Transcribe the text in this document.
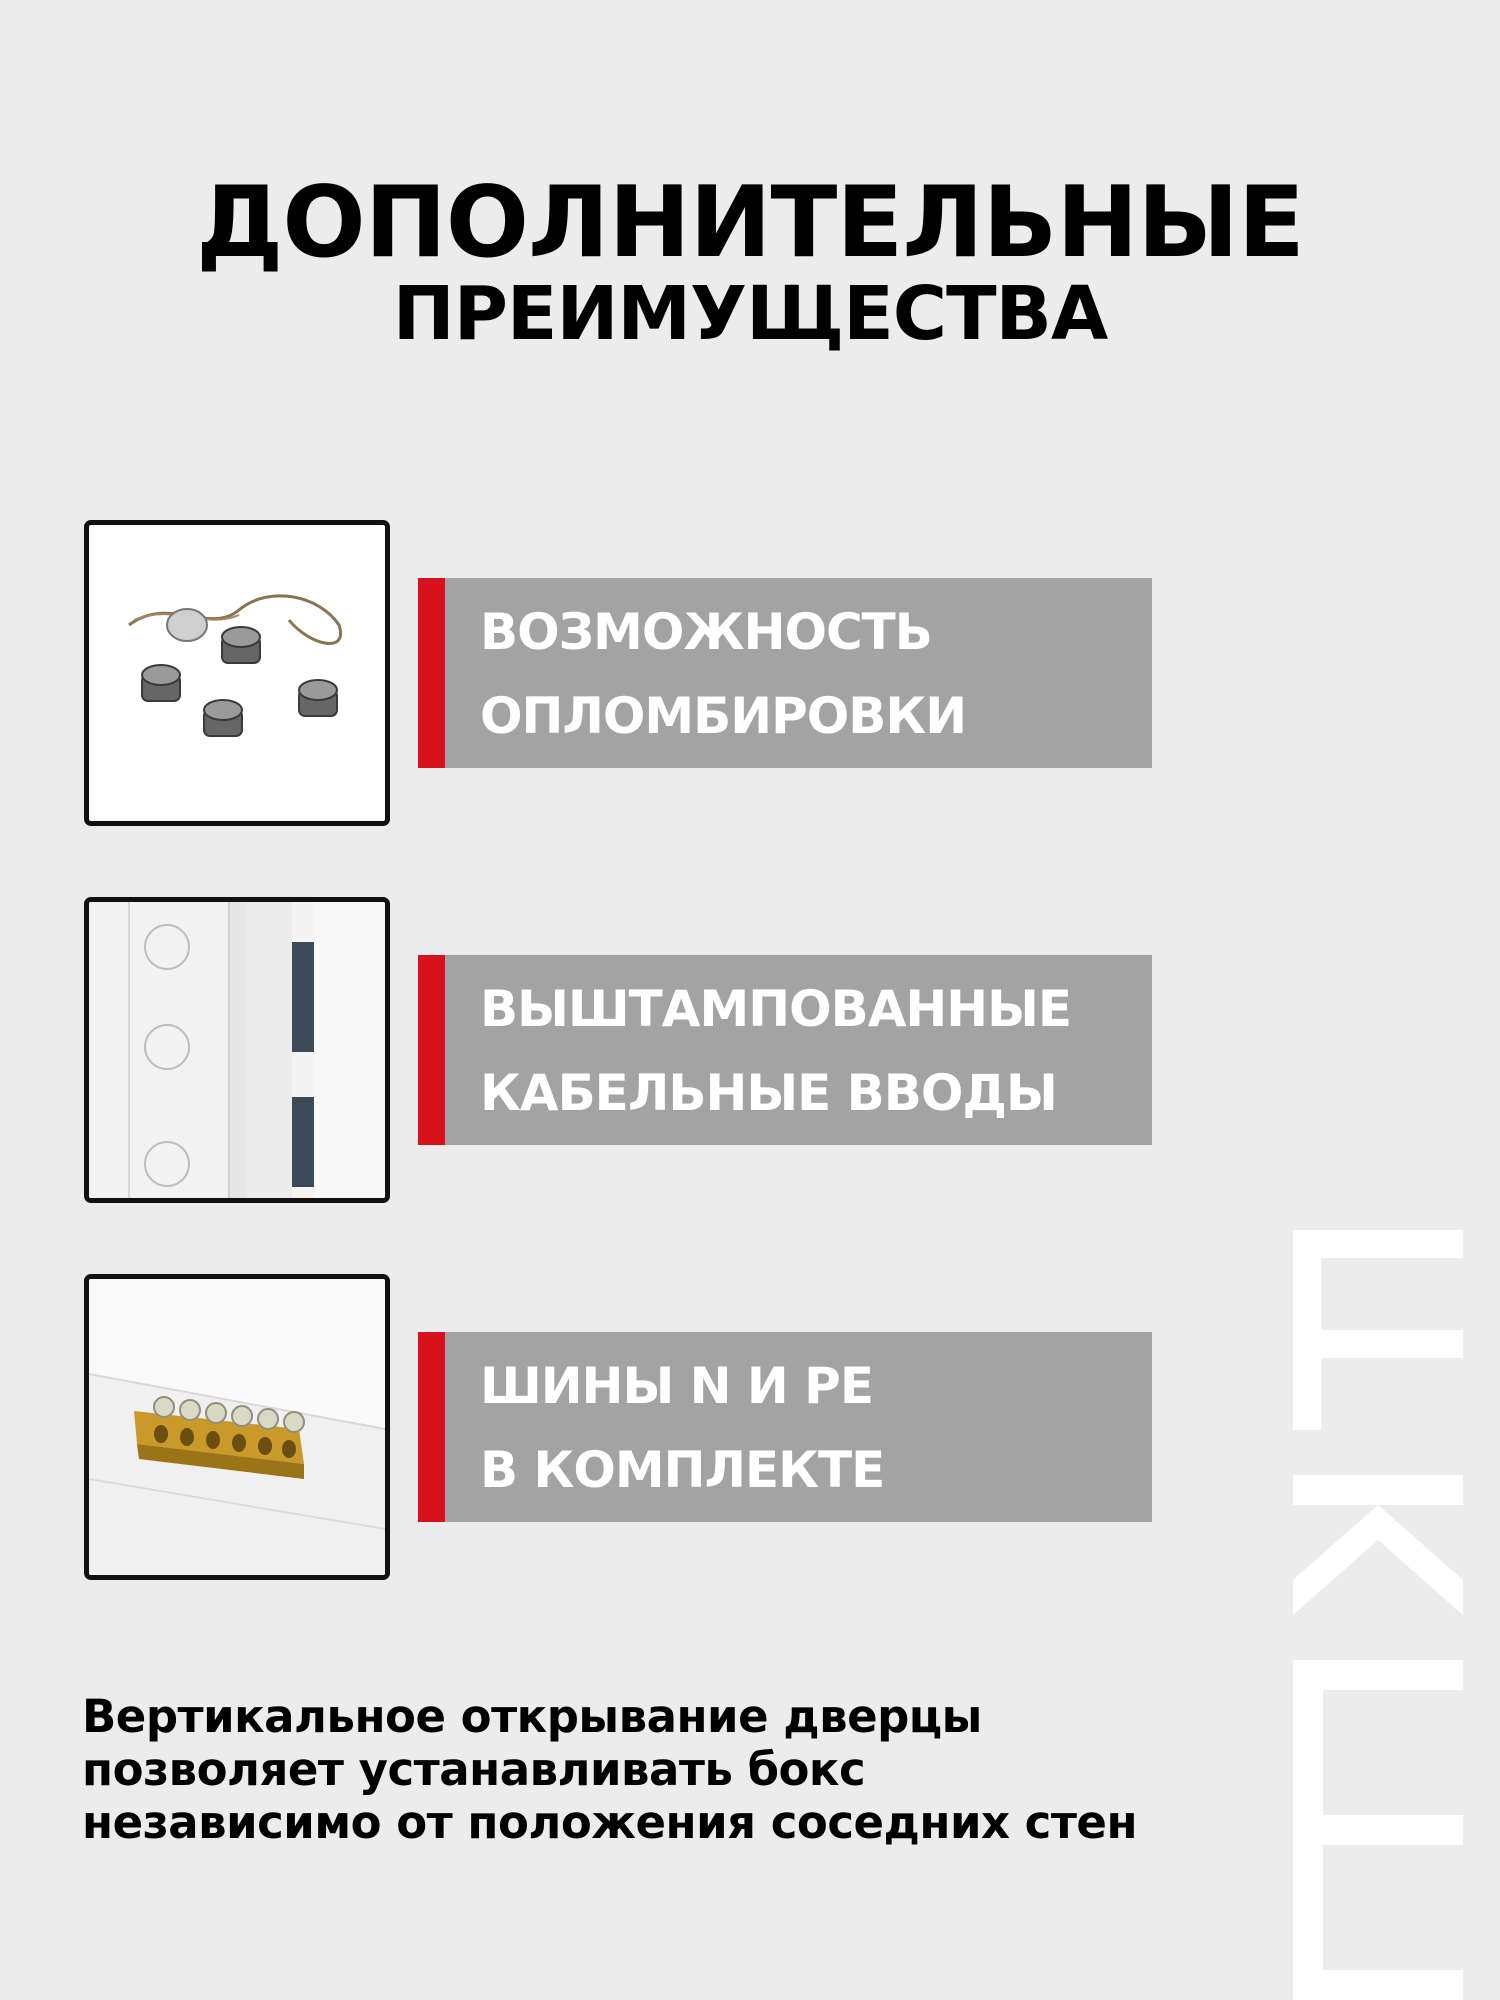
ДОПОЛНИТЕЛЬНЫЕ
ПРЕИМУЩЕСТВА
ВОЗМОЖНОСТЬ
ОПЛОМБИРОВКИ
ВЫШТАМПОВАННЫЕ
КАБЕЛЬНЫЕ ВВОДЫ
ШИНЫ N И PE
В КОМПЛЕКТЕ
Вертикальное открывание дверцы
позволяет устанавливать бокс
независимо от положения соседних стен
